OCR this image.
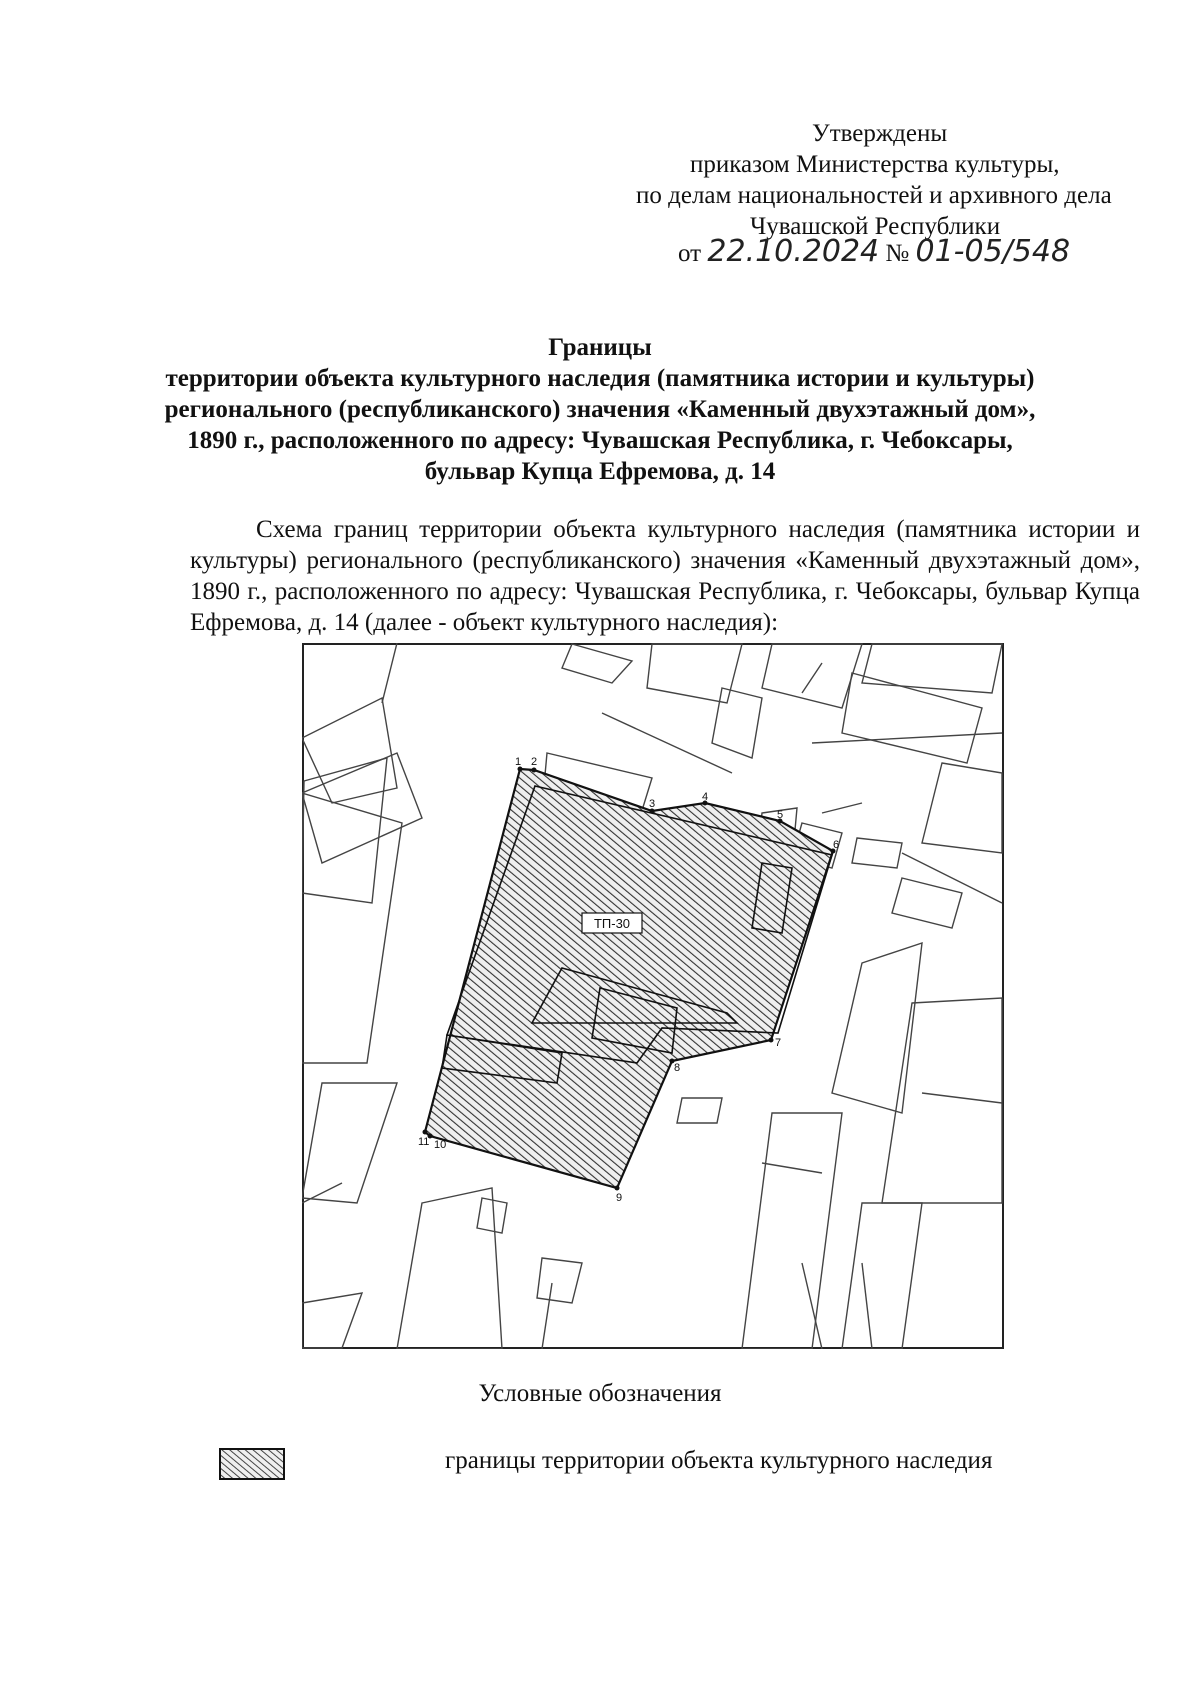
Утверждены
приказом Министерства культуры,
по делам национальностей и архивного дела
Чувашской Республики
от 22.10.2024 № 01-05/548
Границы
территории объекта культурного наследия (памятника истории и культуры)
регионального (республиканского) значения «Каменный двухэтажный дом»,
1890 г., расположенного по адресу: Чувашская Республика, г. Чебоксары,
бульвар Купца Ефремова, д. 14
Схема границ территории объекта культурного наследия (памятника истории и культуры) регионального (республиканского) значения «Каменный двухэтажный дом», 1890 г., расположенного по адресу: Чувашская Республика, г. Чебоксары, бульвар Купца Ефремова, д. 14 (далее - объект культурного наследия):
ТП-30
1 2
3
4
5
6
7
8
9
10
11
Условные обозначения
границы территории объекта культурного наследия
